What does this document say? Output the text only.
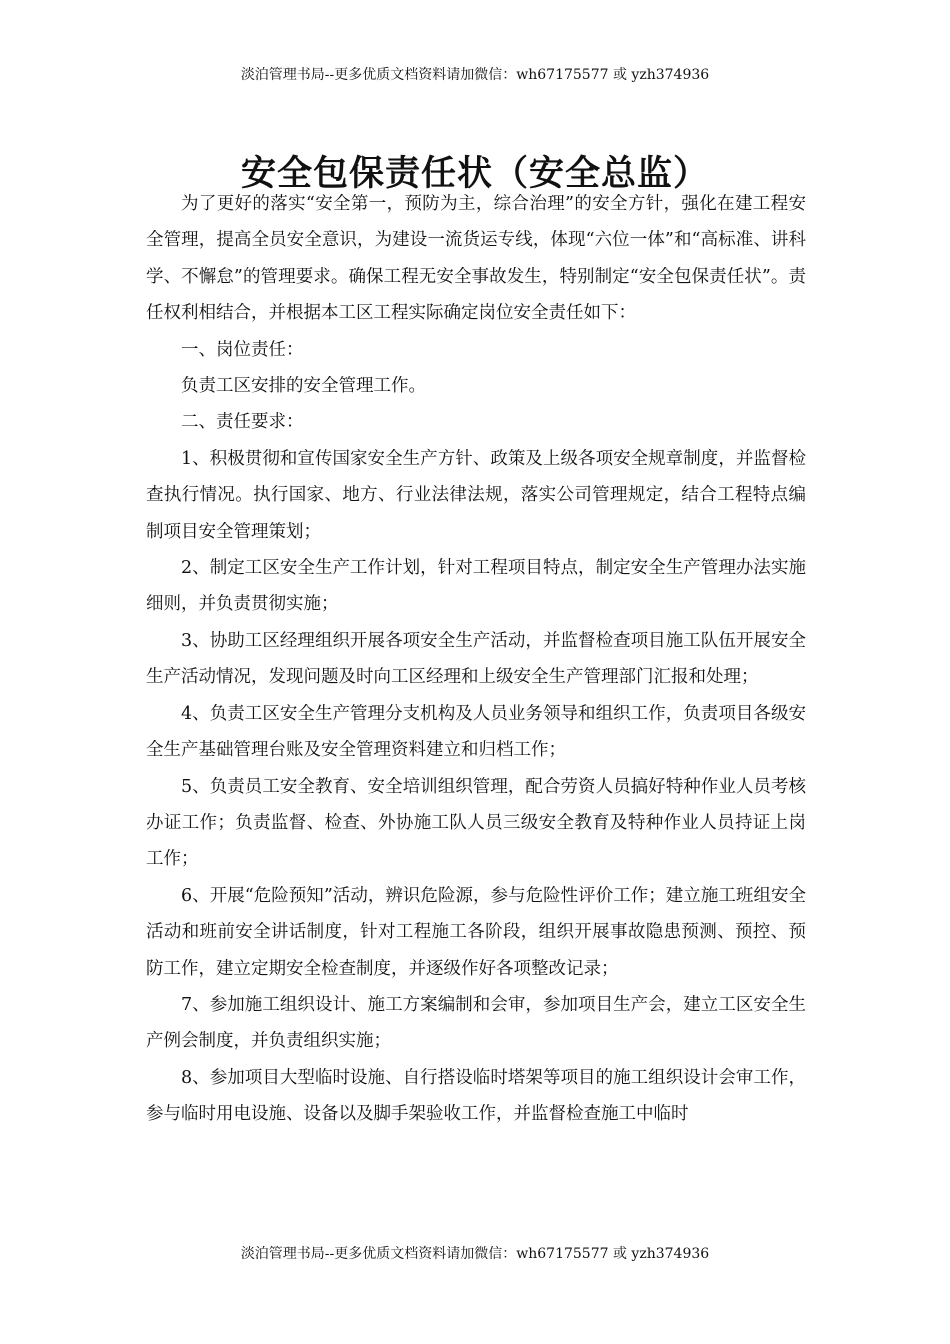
淡泊管理书局--更多优质文档资料请加微信：wh67175577 或 yzh374936
安全包保责任状（安全总监）

为了更好的落实“安全第一，预防为主，综合治理”的安全方针，强化在建工程安全管理，提高全员安全意识，为建设一流货运专线，体现“六位一体”和“高标准、讲科学、不懈怠”的管理要求。确保工程无安全事故发生，特别制定“安全包保责任状”。责任权利相结合，并根据本工区工程实际确定岗位安全责任如下：

一、岗位责任：

负责工区安排的安全管理工作。

二、责任要求：

1、积极贯彻和宣传国家安全生产方针、政策及上级各项安全规章制度，并监督检查执行情况。执行国家、地方、行业法律法规，落实公司管理规定，结合工程特点编制项目安全管理策划；

2、制定工区安全生产工作计划，针对工程项目特点，制定安全生产管理办法实施细则，并负责贯彻实施；

3、协助工区经理组织开展各项安全生产活动，并监督检查项目施工队伍开展安全生产活动情况，发现问题及时向工区经理和上级安全生产管理部门汇报和处理；

4、负责工区安全生产管理分支机构及人员业务领导和组织工作，负责项目各级安全生产基础管理台账及安全管理资料建立和归档工作；

5、负责员工安全教育、安全培训组织管理，配合劳资人员搞好特种作业人员考核办证工作；负责监督、检查、外协施工队人员三级安全教育及特种作业人员持证上岗工作；

6、开展“危险预知”活动，辨识危险源，参与危险性评价工作；建立施工班组安全活动和班前安全讲话制度，针对工程施工各阶段，组织开展事故隐患预测、预控、预防工作，建立定期安全检查制度，并逐级作好各项整改记录；

7、参加施工组织设计、施工方案编制和会审，参加项目生产会，建立工区安全生产例会制度，并负责组织实施；

8、参加项目大型临时设施、自行搭设临时塔架等项目的施工组织设计会审工作，参与临时用电设施、设备以及脚手架验收工作，并监督检查施工中临时

淡泊管理书局--更多优质文档资料请加微信：wh67175577 或 yzh374936
